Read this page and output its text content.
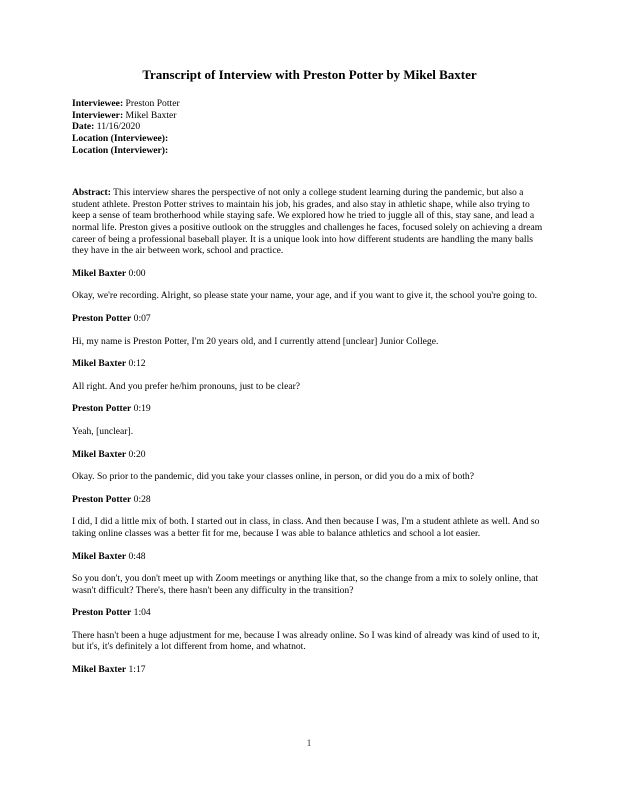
Transcript of Interview with Preston Potter by Mikel Baxter
Interviewee: Preston Potter
Interviewer: Mikel Baxter
Date: 11/16/2020
Location (Interviewee):
Location (Interviewer):

Abstract: This interview shares the perspective of not only a college student learning during the pandemic, but also a student athlete. Preston Potter strives to maintain his job, his grades, and also stay in athletic shape, while also trying to keep a sense of team brotherhood while staying safe. We explored how he tried to juggle all of this, stay sane, and lead a normal life. Preston gives a positive outlook on the struggles and challenges he faces, focused solely on achieving a dream career of being a professional baseball player. It is a unique look into how different students are handling the many balls they have in the air between work, school and practice.

Mikel Baxter 0:00

Okay, we're recording. Alright, so please state your name, your age, and if you want to give it, the school you're going to.

Preston Potter 0:07

Hi, my name is Preston Potter, I'm 20 years old, and I currently attend [unclear] Junior College.

Mikel Baxter 0:12

All right. And you prefer he/him pronouns, just to be clear?

Preston Potter 0:19

Yeah, [unclear].

Mikel Baxter 0:20

Okay. So prior to the pandemic, did you take your classes online, in person, or did you do a mix of both?

Preston Potter 0:28

I did, I did a little mix of both. I started out in class, in class. And then because I was, I'm a student athlete as well. And so taking online classes was a better fit for me, because I was able to balance athletics and school a lot easier.

Mikel Baxter 0:48

So you don't, you don't meet up with Zoom meetings or anything like that, so the change from a mix to solely online, that wasn't difficult? There's, there hasn't been any difficulty in the transition?

Preston Potter 1:04

There hasn't been a huge adjustment for me, because I was already online. So I was kind of already was kind of used to it, but it's, it's definitely a lot different from home, and whatnot.

Mikel Baxter 1:17

1
